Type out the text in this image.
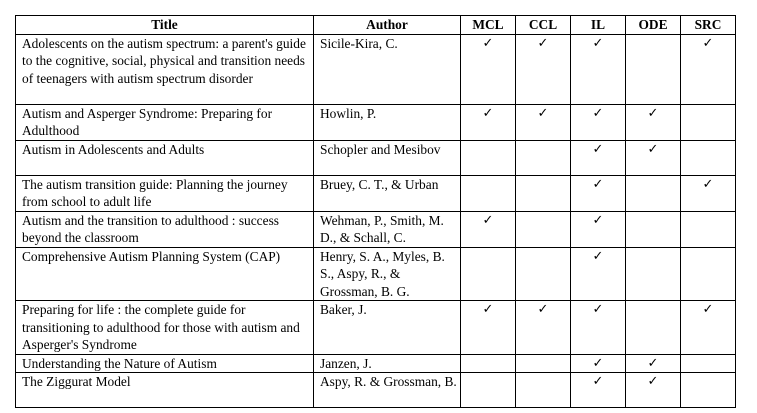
Title	Author	MCL	CCL	IL	ODE	SRC
Adolescents on the autism spectrum: a parent's guide to the cognitive, social, physical and transition needs of teenagers with autism spectrum disorder	Sicile-Kira, C.	✓	✓	✓		✓
Autism and Asperger Syndrome: Preparing for Adulthood	Howlin, P.	✓	✓	✓	✓	
Autism in Adolescents and Adults	Schopler and Mesibov			✓	✓	
The autism transition guide: Planning the journey from school to adult life	Bruey, C. T., & Urban			✓		✓
Autism and the transition to adulthood : success beyond the classroom	Wehman, P., Smith, M. D., & Schall, C.	✓		✓		
Comprehensive Autism Planning System (CAP)	Henry, S. A., Myles, B. S., Aspy, R., & Grossman, B. G.			✓		
Preparing for life : the complete guide for transitioning to adulthood for those with autism and Asperger's Syndrome	Baker, J.	✓	✓	✓		✓
Understanding the Nature of Autism	Janzen, J.			✓	✓	
The Ziggurat Model	Aspy, R. & Grossman, B.			✓	✓	
